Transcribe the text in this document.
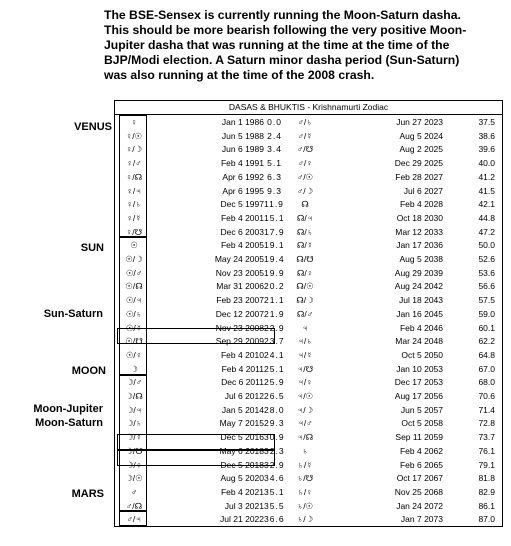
The BSE-Sensex is currently running the Moon-Saturn dasha.
This should be more bearish following the very positive Moon-
Jupiter dasha that was running at the time at the time of the
BJP/Modi election. A Saturn minor dasha period (Sun-Saturn)
was also running at the time of the 2008 crash.
VENUS
SUN
Sun-Saturn
MOON
Moon-Jupiter
Moon-Saturn
MARS
DASAS & BHUKTIS - Krishnamurti Zodiac
♀	Jan 1 1986 0.0	♂/♄	Jun 27 2023	37.5
♀/☉	Jun 5 1988 2.4	♂/☿	Aug 5 2024	38.6
♀/☽	Jun 6 1989 3.4	♂/☋	Aug 2 2025	39.6
♀/♂	Feb 4 1991 5.1	♂/♀	Dec 29 2025	40.0
♀/☊	Apr 6 1992 6.3	♂/☉	Feb 28 2027	41.2
♀/♃	Apr 6 1995 9.3	♂/☽	Jul 6 2027	41.5
♀/♄	Dec 5 1997 11.9	☊	Feb 4 2028	42.1
♀/☿	Feb 4 2001 15.1	☊/♃	Oct 18 2030	44.8
♀/☋	Dec 6 2003 17.9	☊/♄	Mar 12 2033	47.2
☉	Feb 4 2005 19.1	☊/☿	Jan 17 2036	50.0
☉/☽	May 24 2005 19.4	☊/☋	Aug 5 2038	52.6
☉/♂	Nov 23 2005 19.9	☊/♀	Aug 29 2039	53.6
☉/☊	Mar 31 2006 20.2	☊/☉	Aug 24 2042	56.6
☉/♃	Feb 23 2007 21.1	☊/☽	Jul 18 2043	57.5
☉/♄	Dec 12 2007 21.9	☊/♂	Jan 16 2045	59.0
☉/☿	Nov 23 2008 22.9	♃	Feb 4 2046	60.1
☉/☋	Sep 29 2009 23.7	♃/♄	Mar 24 2048	62.2
☉/♀	Feb 4 2010 24.1	♃/☿	Oct 5 2050	64.8
☽	Feb 4 2011 25.1	♃/☋	Jan 10 2053	67.0
☽/♂	Dec 6 2011 25.9	♃/♀	Dec 17 2053	68.0
☽/☊	Jul 6 2012 26.5	♃/☉	Aug 17 2056	70.6
☽/♃	Jan 5 2014 28.0	♃/☽	Jun 5 2057	71.4
☽/♄	May 7 2015 29.3	♃/♂	Oct 5 2058	72.8
☽/☿	Dec 5 2016 30.9	♃/☊	Sep 11 2059	73.7
☽/☋	May 6 2018 32.3	♄	Feb 4 2062	76.1
☽/♀	Dec 5 2018 32.9	♄/☿	Feb 6 2065	79.1
☽/☉	Aug 5 2020 34.6	♄/☋	Oct 17 2067	81.8
♂	Feb 4 2021 35.1	♄/♀	Nov 25 2068	82.9
♂/☊	Jul 3 2021 35.5	♄/☉	Jan 24 2072	86.1
♂/♃	Jul 21 2022 36.6	♄/☽	Jan 7 2073	87.0
